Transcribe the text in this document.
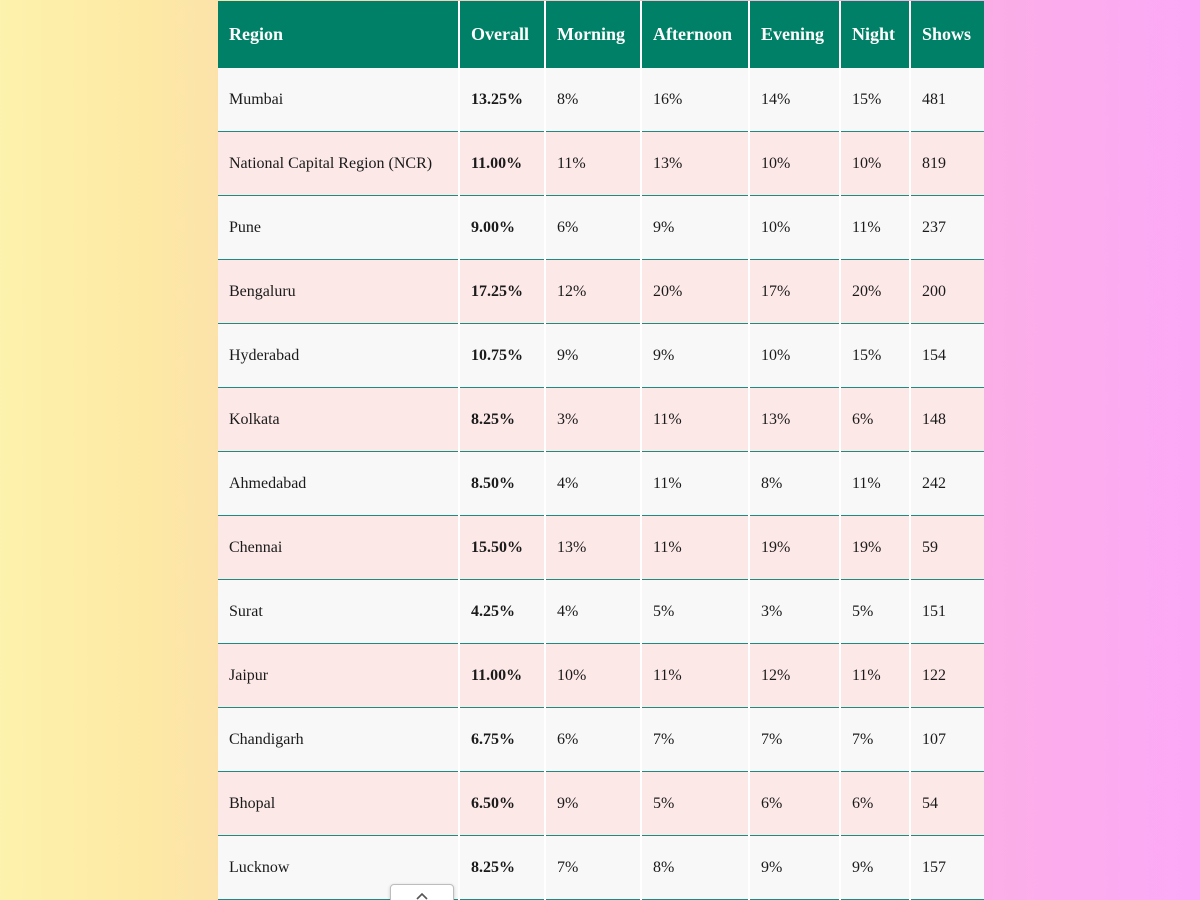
Region	Overall	Morning	Afternoon	Evening	Night	Shows
Mumbai	13.25%	8%	16%	14%	15%	481
National Capital Region (NCR)	11.00%	11%	13%	10%	10%	819
Pune	9.00%	6%	9%	10%	11%	237
Bengaluru	17.25%	12%	20%	17%	20%	200
Hyderabad	10.75%	9%	9%	10%	15%	154
Kolkata	8.25%	3%	11%	13%	6%	148
Ahmedabad	8.50%	4%	11%	8%	11%	242
Chennai	15.50%	13%	11%	19%	19%	59
Surat	4.25%	4%	5%	3%	5%	151
Jaipur	11.00%	10%	11%	12%	11%	122
Chandigarh	6.75%	6%	7%	7%	7%	107
Bhopal	6.50%	9%	5%	6%	6%	54
Lucknow	8.25%	7%	8%	9%	9%	157
